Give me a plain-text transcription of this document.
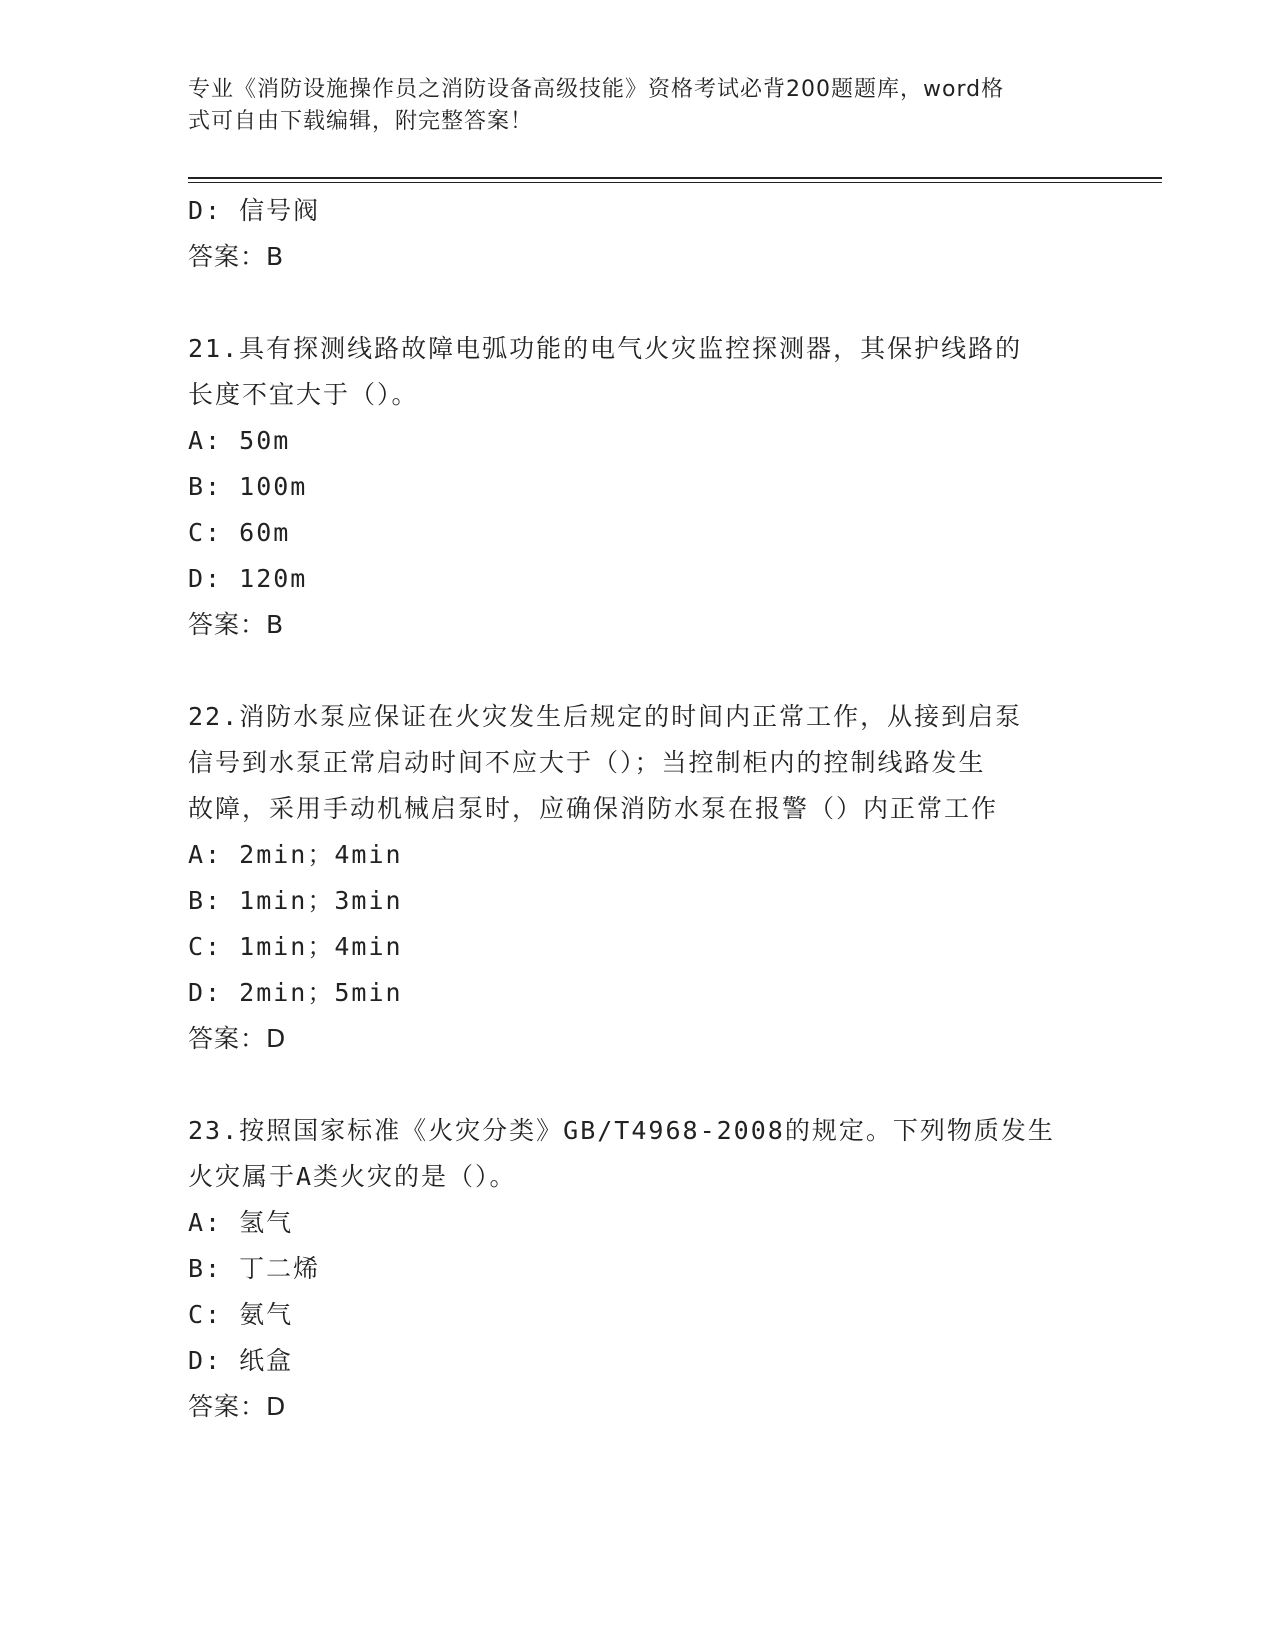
专业《消防设施操作员之消防设备高级技能》资格考试必背200题题库，word格
式可自由下载编辑，附完整答案！
D: 信号阀
答案：B
21.具有探测线路故障电弧功能的电气火灾监控探测器，其保护线路的
长度不宜大于（）。
A: 50m
B: 100m
C: 60m
D: 120m
答案：B
22.消防水泵应保证在火灾发生后规定的时间内正常工作，从接到启泵
信号到水泵正常启动时间不应大于（）；当控制柜内的控制线路发生
故障，采用手动机械启泵时，应确保消防水泵在报警（）内正常工作
A: 2min；4min
B: 1min；3min
C: 1min；4min
D: 2min；5min
答案：D
23.按照国家标准《火灾分类》GB/T4968-2008的规定。下列物质发生
火灾属于A类火灾的是（）。
A: 氢气
B: 丁二烯
C: 氨气
D: 纸盒
答案：D
